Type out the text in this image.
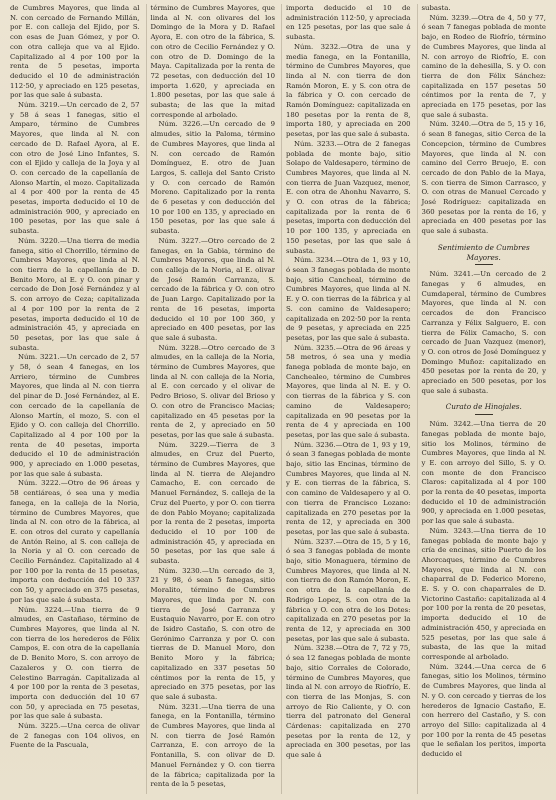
de Cumbres Mayores, que linda al N. con cercado de Fernando Millán, por E. con calleja del Ejido, por S. con esas de Juan Gómez, y por O. con otra calleja que va al Ejido. Capitalizado al 4 por 100 por la renta de 5 pesetas, importa deducido el 10 de administración 112·50, y apreciado en 125 pesetas, por las que sale á subasta.

Núm. 3219.—Un cercado de 2, 57 y 58 á seas 1 fanegas, sitio el Amparo, término de Cumbres Mayores, que linda al N. con cercado de D. Rafael Ayora, al E. con otro de José Lino Infantes, S. con el Ejido y calleja de la Joya y al O. con cercado de la capellanía de Alonso Martín, el mozo. Capitalizada al 4 por 400 por la renta de 45 pesetas, importa deducido el 10 de administración 900, y apreciado en 100 pesetas, por las que sale á subasta.

Núm. 3220.—Una tierra de media fanega, sitio el Chorrillo, término de Cumbres Mayores, que linda al N. con tierra de la capellanía de D. Benito Moro, al E. y O. con pinar y cercado de Don José Fernández y al S. con arroyo de Ceza; capitalizada al 4 por 100 por la renta de 2 pesetas, importa deducido el 10 de administración 45, y apreciada en 50 pesetas, por las que sale á subasta.

Núm. 3221.—Un cercado de 2, 57 y 58, ó sean 4 fanegas, en los Arriero, término de Cumbres Mayores, que linda al N. con tierra del pinar de D. José Fernández, al E. con cercado de la capellanía de Alonso Martín, el mozo, S. con el Ejido y O. con calleja del Chorrillo. Capitalizado al 4 por 100 por la renta de 40 pesetas, importa deducido el 10 de administración 900, y apreciado en 1.000 pesetas, por las que sale á subasta.

Núm. 3222.—Otro de 96 áreas y 58 centiáreas, ó sea una y media fanega, en la calleja de la Noria, término de Cumbres Mayores, que linda al N. con otro de la fábrica, al E. con otros del curato y capellanía de Antón Reino, al S. con calleja de la Noria y al O. con cercado de Cecilio Fernández. Capitalizado al 4 por 100 por la renta de 15 pesetas, importa con deducción del 10 337 con 50, y apreciado en 375 pesetas, por las que sale á subasta.

Núm. 3224.—Una tierra de 9 almudes, en Castañaso, término de Cumbres Mayores, que linda al N. con tierra de los herederos de Félix Campos, E. con otra de la capellanía de D. Benito Moro, S. con arroyo de Cazaleros y O. con tierra de Celestino Barragán. Capitalizada al 4 por 100 por la renta de 3 pesetas, importa con deducción del 10 67 con 50, y apreciada en 75 pesetas, por las que sale á subasta.

Núm. 3225.—Una cerca de olivar de 2 fanegas con 104 olivos, en Fuente de la Pascuala,

término de Cumbres Mayores, que linda al N. con olivares del los Domingo de la Mora y D. Rafael Ayora, E. con otro de la fábrica, S. con otro de Cecilio Fernández y O. con otro de D. Domingo de la Maya. Capitalizada por la renta de 72 pesetas, con deducción del 10 importa 1.620, y apreciada en 1.800 pesetas, por las que sale á subasta; de las que la mitad corresponde al arbolado.

Núm. 3226.—Un cercado de 9 almudes, sitio la Paloma, término de Cumbres Mayores, que linda al N. con cercado de Ramón Domínguez, E. otro de Juan Largos, S. calleja del Santo Cristo y O. con cercado de Ramón Moreno. Capitalizado por la renta de 6 pesetas y con deducción del 10 por 100 en 135, y apreciado en 150 pesetas, por las que sale á subasta.

Núm. 3227.—Otro cercado de 2 fanegas, en la Gabia, término de Cumbres Mayores, que linda al N. con calleja de la Noria, al E. olivar de José Ramón Carranza, S. cercado de la fábrica y O. con otro de Juan Largo. Capitalizado por la renta de 16 pesetas, importa deducido el 10 por 100 360, y apreciado en 400 pesetas, por las que sale á subasta.

Núm. 3228.—Otro cercado de 3 almudes, en la calleja de la Noria, término de Cumbres Mayores, que linda al N. con calleja de la Noria, al E. con cercado y el olivar de Pedro Brioso, S. olivar del Brioso y O. con otro de Francisco Macias; capitalizado en 45 pesetas por la renta de 2, y apreciado en 50 pesetas, por las que sale á subasta.

Núm. 3229.—Tierra de 3 almudes, en Cruz del Puerto, término de Cumbres Mayores, que linda al N. tierra de Alejandro Camacho, E. con cercado de Manuel Fernández, S. calleja de la Cruz del Puerto, y por O. con tierra de don Pablo Moyano; capitalizada por la renta de 2 pesetas, importa deducido el 10 por 100 de administración 45, y apreciada en 50 pesetas, por las que sale á subasta.

Núm. 3230.—Un cercado de 3, 21 y 98, ó sean 5 fanegas, sitio Moralito, término de Cumbres Mayores, que linda por N. con tierra de José Carranza y Eustaquio Navarro, por E. con otro de Isidro Castaño, S. con otro de Gerónimo Carranza y por O. con tierras de D. Manuel Moro, don Benito Moro y la fábrica; capitalizado en 337 pesetas 50 céntimos por la renta de 15, y apreciado en 375 pesetas, por las que sale á subasta.

Núm. 3231.—Una tierra de una fanega, en la Fontanilla, término de Cumbres Mayores, que linda al N. con tierra de José Ramón Carranza, E. con arroyo de la Fontanilla, S. con olivar de D. Manuel Fernández y O. con tierra de la fábrica; capitalizada por la renta de la 5 pesetas,

importa deducido el 10 de administración 112·50, y apreciada en 125 pesetas, por las que sale á subasta.

Núm. 3232.—Otra de una y media fanega, en la Fontanilla, término de Cumbres Mayores, que linda al N. con tierra de don Ramón Moron, E. y S. con otra de la fábrica y O. con cercado de Ramón Domínguez: capitalizada en 180 pesetas por la renta de 8, importa 180, y apreciada en 200 pesetas, por las que sale á subasta.

Núm. 3233.—Otra de 2 fanegas poblada de monte bajo, sitio Solapo de Valdesapero, término de Cumbres Mayores, que linda al N. con tierra de Juan Vazquez, menor, E. con otra de Ahonhu Navarro, S. y O. con otras de la fábrica; capitalizada por la renta de 6 pesetas, importa con deducción del 10 por 100 135, y apreciada en 150 pesetas, por las que sale á subasta.

Núm. 3234.—Otra de 1, 93 y 10, ó sean 3 fanegas poblada de monte bajo, sitio Cancheal, término de Cumbres Mayores, que linda al N. E. y O. con tierras de la fábrica y al S. con camino de Valdesapero; capitalizada en 202·50 por la renta de 9 pesetas, y apreciada en 225 pesetas, por las que sale á subasta.

Núm. 3235.—Otra de 96 áreas y 58 metros, ó sea una y media fanega poblada de monte bajo, en Canchealeo, término de Cumbres Mayores, que linda al N. E. y O. con tierras de la fábrica y S. con camino de Valdesapero; capitalizada en 90 pesetas por la renta de 4 y apreciada en 100 pesetas, por las que sale á subasta.

Núm. 3236.—Otra de 1, 93 y 19, ó sean 3 fanegas poblada de monte bajo, sitio las Encinas, término de Cumbres Mayores, que linda al N. y E. con tierras de la fábrica, S. con camino de Valdesapero y al O. con tierra de Francisco Lozano: capitalizada en 270 pesetas por la renta de 12, y apreciada en 300 pesetas, por las que sale á subasta.

Núm. 3237.—Otra de 15, 5 y 16, ó sea 3 fanegas poblada de monte bajo, sitio Monaguera, término de Cumbres Mayores, que linda al N. con tierra de don Ramón Moron, E. con otra de la capellanía de Rodrigo Lopez, S. con otra de la fábrica y O. con otra de los Dotes: capitalizada en 270 pesetas por la renta de 12, y apreciada en 300 pesetas, por las que sale á subasta.

Núm. 3238.—Otra de 7, 72 y 75, ó sea 12 fanegas poblada de monte bajo, sitio Corrales de Colorado, término de Cumbres Mayores, que linda al N. con arroyo de Riofrío, E. con tierra de las Monjas, S. con arroyo de Rio Caliente, y O. con tierra del patronato del General Cárdenas: capitalizada en 270 pesetas por la renta de 12, y apreciada en 300 pesetas, por las que sale á

subasta.

Núm. 3239.—Otra de 4, 50 y 77, ó sean 7 fanegas poblada de monte bajo, en Rodeo de Riofrío, término de Cumbres Mayores, que linda al N. con arroyo de Riofrío, E. con camino de la dehesilla, S. y O. con tierra de don Félix Sánchez: capitalizada en 157 pesetas 50 céntimos por la renta de 7, y apreciada en 175 pesetas, por las que sale á subasta.

Núm. 3240.—Otra de 5, 15 y 16, ó sean 8 fanegas, sitio Cerca de la Concepcion, término de Cumbres Mayores, que linda al N. con camino del Cerro Bruejo, E. con cercado de don Pablo de la Maya, S. con tierra de Simon Carrasco, y O. con otras de Manuel Cercado y José Rodríguez: capitalizada en 360 pesetas por la renta de 16, y apreciada en 400 pesetas por las que sale á subasta.

Sentimiento de Cumbres Mayores.

Núm. 3241.—Un cercado de 2 fanegas y 6 almudes, en Cumdaperal, término de Cumbres Mayores, que linda al N. con cercados de don Francisco Carranza y Félix Salguero, E. con tierra de Félix Camacho, S. con cercado de Juan Vazquez (menor), y O. con otros de José Domínguez y Domingo Muñoz: capitalizado en 450 pesetas por la renta de 20, y apreciado en 500 pesetas, por los que sale á subasta.

Curato de Hinojales.

Núm. 3242.—Una tierra de 20 fanegas poblada de monte bajo, sitio los Molinos, término de Cumbres Mayores, que linda al N. y E. con arroyo del Sillo, S. y O. con monte de don Francisco Claros: capitalizada al 4 por 100 por la renta de 40 pesetas, importa deducido el 10 de administración 900, y apreciada en 1.000 pesetas, por las que sale á subasta.

Núm. 3243.—Una tierra de 10 fanegas poblada de monte bajo y cría de encinas, sitio Puerto de los Ahorcaques, término de Cumbres Mayores, que linda al N. con chaparral de D. Federico Moreno, E. S. y O. con chaparrales de D. Victorino Castaño: capitalizada al 4 por 100 por la renta de 20 pesetas, importa deducido el 10 de administración 450, y apreciada en 525 pesetas, por las que sale á subasta, de las que la mitad corresponde al arbolado.

Núm. 3244.—Una cerca de 6 fanegas, sitio los Molinos, término de Cumbres Mayores, que linda al N. y O. con cercado y tierras de los herederos de Ignacio Castaño, E. con herrero del Castaño, y S. con arroyo del Sillo: capitalizada al 4 por 100 por la renta de 45 pesetas que le señalan los peritos, importa deducido el
